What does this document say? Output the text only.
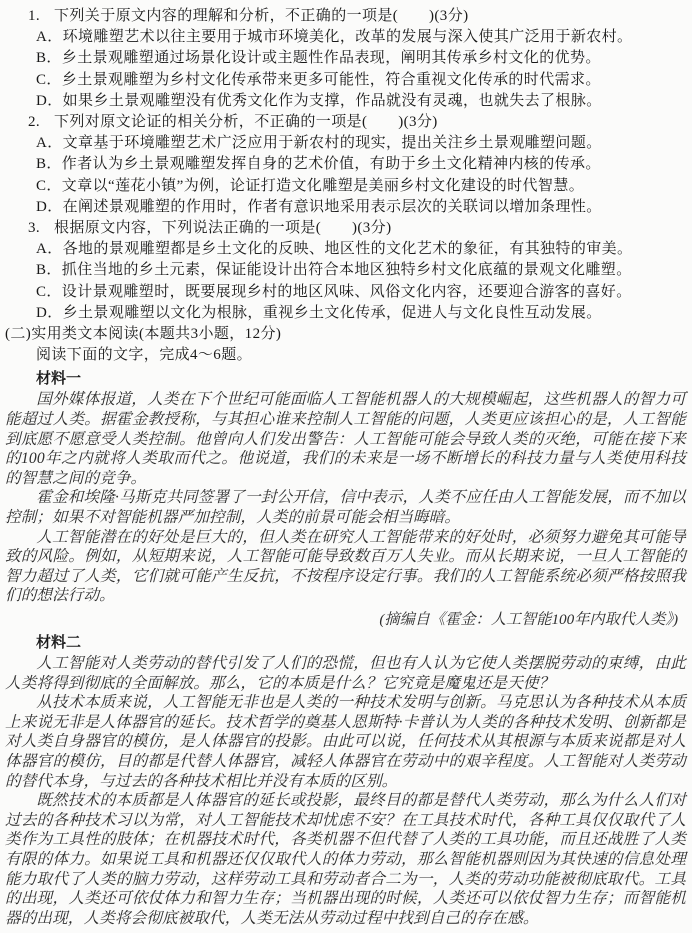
1. 下列关于原文内容的理解和分析，不正确的一项是(　　)(3分)
A．环境雕塑艺术以往主要用于城市环境美化，改革的发展与深入使其广泛用于新农村。
B．乡土景观雕塑通过场景化设计或主题性作品表现，阐明其传承乡村文化的优势。
C．乡土景观雕塑为乡村文化传承带来更多可能性，符合重视文化传承的时代需求。
D．如果乡土景观雕塑没有优秀文化作为支撑，作品就没有灵魂，也就失去了根脉。
2. 下列对原文论证的相关分析，不正确的一项是(　　)(3分)
A．文章基于环境雕塑艺术广泛应用于新农村的现实，提出关注乡土景观雕塑问题。
B．作者认为乡土景观雕塑发挥自身的艺术价值，有助于乡土文化精神内核的传承。
C．文章以“莲花小镇”为例，论证打造文化雕塑是美丽乡村文化建设的时代智慧。
D．在阐述景观雕塑的作用时，作者有意识地采用表示层次的关联词以增加条理性。
3. 根据原文内容，下列说法正确的一项是(　　)(3分)
A．各地的景观雕塑都是乡土文化的反映、地区性的文化艺术的象征，有其独特的审美。
B．抓住当地的乡土元素，保证能设计出符合本地区独特乡村文化底蕴的景观文化雕塑。
C．设计景观雕塑时，既要展现乡村的地区风味、风俗文化内容，还要迎合游客的喜好。
D．乡土景观雕塑以文化为根脉，重视乡土文化传承，促进人与文化良性互动发展。
(二)实用类文本阅读(本题共3小题，12分)
阅读下面的文字，完成4～6题。
材料一

国外媒体报道，人类在下个世纪可能面临人工智能机器人的大规模崛起，这些机器人的智力可能超过人类。据霍金教授称，与其担心谁来控制人工智能的问题，人类更应该担心的是，人工智能到底愿不愿意受人类控制。他曾向人们发出警告：人工智能可能会导致人类的灭绝，可能在接下来的100年之内就将人类取而代之。他说道，我们的未来是一场不断增长的科技力量与人类使用科技的智慧之间的竞争。

霍金和埃隆·马斯克共同签署了一封公开信，信中表示，人类不应任由人工智能发展，而不加以控制；如果不对智能机器严加控制，人类的前景可能会相当晦暗。

人工智能潜在的好处是巨大的，但人类在研究人工智能带来的好处时，必须努力避免其可能导致的风险。例如，从短期来说，人工智能可能导致数百万人失业。而从长期来说，一旦人工智能的智力超过了人类，它们就可能产生反抗，不按程序设定行事。我们的人工智能系统必须严格按照我们的想法行动。

(摘编自《霍金：人工智能100年内取代人类》)
材料二

人工智能对人类劳动的替代引发了人们的恐慌，但也有人认为它使人类摆脱劳动的束缚，由此人类将得到彻底的全面解放。那么，它的本质是什么？它究竟是魔鬼还是天使？

从技术本质来说，人工智能无非也是人类的一种技术发明与创新。马克思认为各种技术从本质上来说无非是人体器官的延长。技术哲学的奠基人恩斯特·卡普认为人类的各种技术发明、创新都是对人类自身器官的模仿，是人体器官的投影。由此可以说，任何技术从其根源与本质来说都是对人体器官的模仿，目的都是代替人体器官，减轻人体器官在劳动中的艰辛程度。人工智能对人类劳动的替代本身，与过去的各种技术相比并没有本质的区别。

既然技术的本质都是人体器官的延长或投影，最终目的都是替代人类劳动，那么为什么人们对过去的各种技术习以为常，对人工智能技术却忧虑不安？在工具技术时代，各种工具仅仅取代了人类作为工具性的肢体；在机器技术时代，各类机器不但代替了人类的工具功能，而且还战胜了人类有限的体力。如果说工具和机器还仅仅取代人的体力劳动，那么智能机器则因为其快速的信息处理能力取代了人类的脑力劳动，这样劳动工具和劳动者合二为一，人类的劳动功能被彻底取代。工具的出现，人类还可依仗体力和智力生存；当机器出现的时候，人类还可以依仗智力生存；而智能机器的出现，人类将会彻底被取代，人类无法从劳动过程中找到自己的存在感。
